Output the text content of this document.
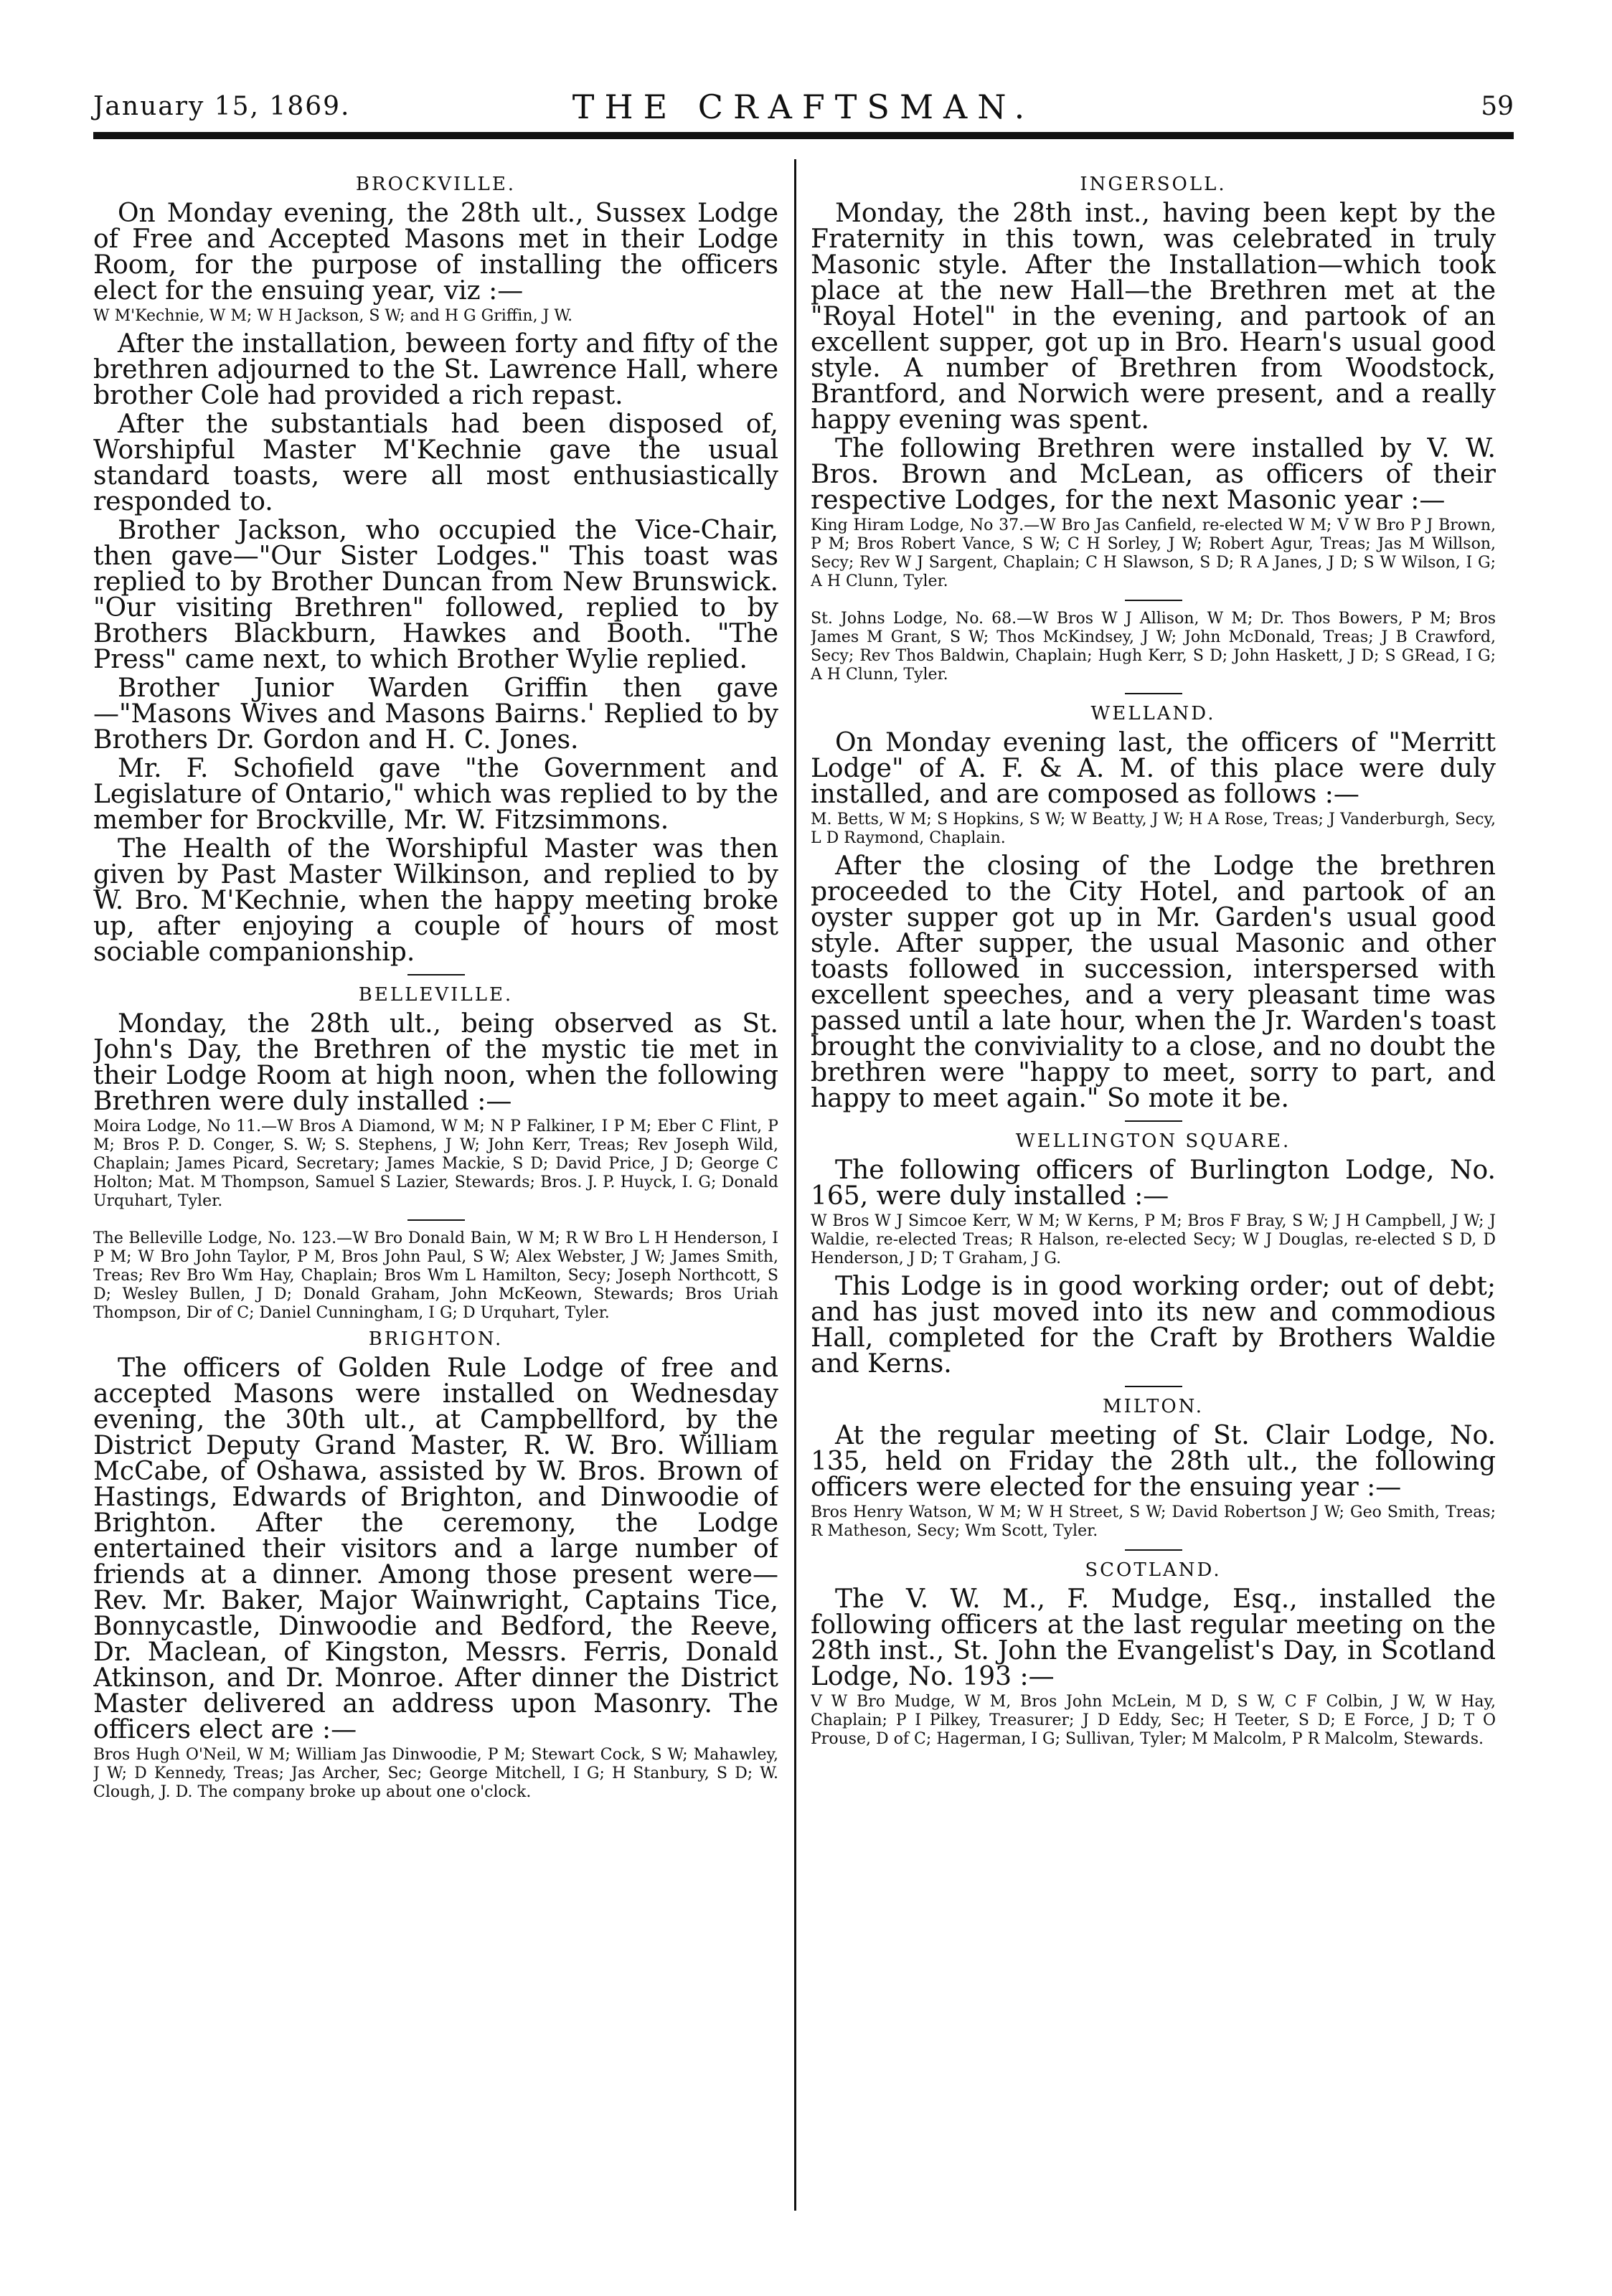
January 15, 1869.	THE CRAFTSMAN.	59
BROCKVILLE.

On Monday evening, the 28th ult., Sussex Lodge of Free and Accepted Masons met in their Lodge Room, for the purpose of installing the officers elect for the ensuing year, viz :—

W M'Kechnie, W M; W H Jackson, S W; and H G Griffin, J W.

After the installation, beween forty and fifty of the brethren adjourned to the St. Lawrence Hall, where brother Cole had provided a rich repast.

After the substantials had been disposed of, Worshipful Master M'Kechnie gave the usual standard toasts, were all most enthusiastically responded to.

Brother Jackson, who occupied the Vice-Chair, then gave—"Our Sister Lodges." This toast was replied to by Brother Duncan from New Brunswick. "Our visiting Brethren" followed, replied to by Brothers Blackburn, Hawkes and Booth. "The Press" came next, to which Brother Wylie replied.

Brother Junior Warden Griffin then gave—"Masons Wives and Masons Bairns.' Replied to by Brothers Dr. Gordon and H. C. Jones.

Mr. F. Schofield gave "the Government and Legislature of Ontario," which was replied to by the member for Brockville, Mr. W. Fitzsimmons.

The Health of the Worshipful Master was then given by Past Master Wilkinson, and replied to by W. Bro. M'Kechnie, when the happy meeting broke up, after enjoying a couple of hours of most sociable companionship.

BELLEVILLE.

Monday, the 28th ult., being observed as St. John's Day, the Brethren of the mystic tie met in their Lodge Room at high noon, when the following Brethren were duly installed :—

Moira Lodge, No 11.—W Bros A Diamond, W M; N P Falkiner, I P M; Eber C Flint, P M; Bros P. D. Conger, S. W; S. Stephens, J W; John Kerr, Treas; Rev Joseph Wild, Chaplain; James Picard, Secretary; James Mackie, S D; David Price, J D; George C Holton; Mat. M Thompson, Samuel S Lazier, Stewards; Bros. J. P. Huyck, I. G; Donald Urquhart, Tyler.

The Belleville Lodge, No. 123.—W Bro Donald Bain, W M; R W Bro L H Henderson, I P M; W Bro John Taylor, P M, Bros John Paul, S W; Alex Webster, J W; James Smith, Treas; Rev Bro Wm Hay, Chaplain; Bros Wm L Hamilton, Secy; Joseph Northcott, S D; Wesley Bullen, J D; Donald Graham, John McKeown, Stewards; Bros Uriah Thompson, Dir of C; Daniel Cunningham, I G; D Urquhart, Tyler.

BRIGHTON.

The officers of Golden Rule Lodge of free and accepted Masons were installed on Wednesday evening, the 30th ult., at Campbellford, by the District Deputy Grand Master, R. W. Bro. William McCabe, of Oshawa, assisted by W. Bros. Brown of Hastings, Edwards of Brighton, and Dinwoodie of Brighton. After the ceremony, the Lodge entertained their visitors and a large number of friends at a dinner. Among those present were—Rev. Mr. Baker, Major Wainwright, Captains Tice, Bonnycastle, Dinwoodie and Bedford, the Reeve, Dr. Maclean, of Kingston, Messrs. Ferris, Donald Atkinson, and Dr. Monroe. After dinner the District Master delivered an address upon Masonry. The officers elect are :—

Bros Hugh O'Neil, W M; William Jas Dinwoodie, P M; Stewart Cock, S W; Mahawley, J W; D Kennedy, Treas; Jas Archer, Sec; George Mitchell, I G; H Stanbury, S D; W. Clough, J. D. The company broke up about one o'clock.

INGERSOLL.

Monday, the 28th inst., having been kept by the Fraternity in this town, was celebrated in truly Masonic style. After the Installation—which took place at the new Hall—the Brethren met at the "Royal Hotel" in the evening, and partook of an excellent supper, got up in Bro. Hearn's usual good style. A number of Brethren from Woodstock, Brantford, and Norwich were present, and a really happy evening was spent.

The following Brethren were installed by V. W. Bros. Brown and McLean, as officers of their respective Lodges, for the next Masonic year :—

King Hiram Lodge, No 37.—W Bro Jas Canfield, re-elected W M; V W Bro P J Brown, P M; Bros Robert Vance, S W; C H Sorley, J W; Robert Agur, Treas; Jas M Willson, Secy; Rev W J Sargent, Chaplain; C H Slawson, S D; R A Janes, J D; S W Wilson, I G; A H Clunn, Tyler.

St. Johns Lodge, No. 68.—W Bros W J Allison, W M; Dr. Thos Bowers, P M; Bros James M Grant, S W; Thos McKindsey, J W; John McDonald, Treas; J B Crawford, Secy; Rev Thos Baldwin, Chaplain; Hugh Kerr, S D; John Haskett, J D; S GRead, I G; A H Clunn, Tyler.

WELLAND.

On Monday evening last, the officers of "Merritt Lodge" of A. F. & A. M. of this place were duly installed, and are composed as follows :—

M. Betts, W M; S Hopkins, S W; W Beatty, J W; H A Rose, Treas; J Vanderburgh, Secy, L D Raymond, Chaplain.

After the closing of the Lodge the brethren proceeded to the City Hotel, and partook of an oyster supper got up in Mr. Garden's usual good style. After supper, the usual Masonic and other toasts followed in succession, interspersed with excellent speeches, and a very pleasant time was passed until a late hour, when the Jr. Warden's toast brought the conviviality to a close, and no doubt the brethren were "happy to meet, sorry to part, and happy to meet again." So mote it be.

WELLINGTON SQUARE.

The following officers of Burlington Lodge, No. 165, were duly installed :—

W Bros W J Simcoe Kerr, W M; W Kerns, P M; Bros F Bray, S W; J H Campbell, J W; J Waldie, re-elected Treas; R Halson, re-elected Secy; W J Douglas, re-elected S D, D Henderson, J D; T Graham, J G.

This Lodge is in good working order; out of debt; and has just moved into its new and commodious Hall, completed for the Craft by Brothers Waldie and Kerns.

MILTON.

At the regular meeting of St. Clair Lodge, No. 135, held on Friday the 28th ult., the following officers were elected for the ensuing year :—

Bros Henry Watson, W M; W H Street, S W; David Robertson J W; Geo Smith, Treas; R Matheson, Secy; Wm Scott, Tyler.

SCOTLAND.

The V. W. M., F. Mudge, Esq., installed the following officers at the last regular meeting on the 28th inst., St. John the Evangelist's Day, in Scotland Lodge, No. 193 :—

V W Bro Mudge, W M, Bros John McLein, M D, S W, C F Colbin, J W, W Hay, Chaplain; P I Pilkey, Treasurer; J D Eddy, Sec; H Teeter, S D; E Force, J D; T O Prouse, D of C; Hagerman, I G; Sullivan, Tyler; M Malcolm, P R Malcolm, Stewards.
